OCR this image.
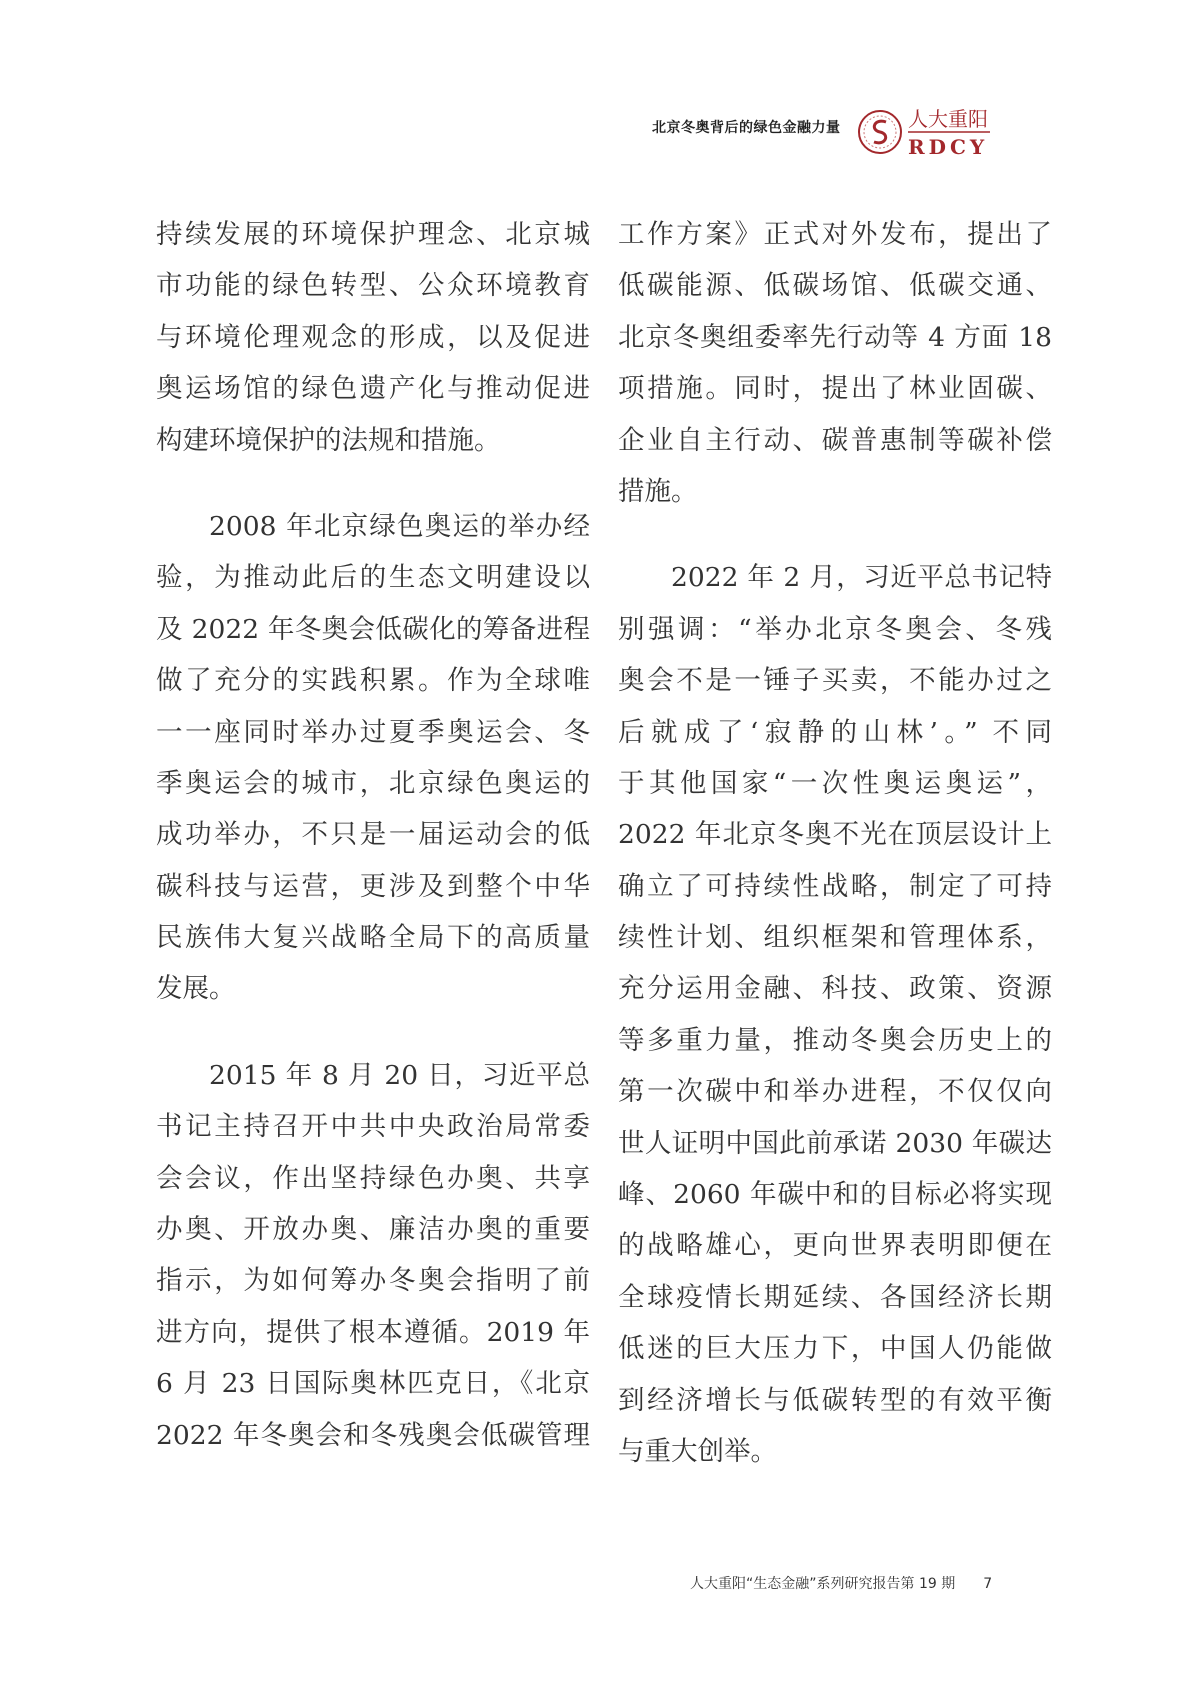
北京冬奥背后的绿色金融力量	人大重阳
RDCY
持续发展的环境保护理念、北京城
市功能的绿色转型、公众环境教育
与环境伦理观念的形成，以及促进
奥运场馆的绿色遗产化与推动促进
构建环境保护的法规和措施。
2008 年北京绿色奥运的举办经
验，为推动此后的生态文明建设以
及 2022 年冬奥会低碳化的筹备进程
做了充分的实践积累。作为全球唯
一一座同时举办过夏季奥运会、冬
季奥运会的城市，北京绿色奥运的
成功举办，不只是一届运动会的低
碳科技与运营，更涉及到整个中华
民族伟大复兴战略全局下的高质量
发展。
2015 年 8 月 20 日，习近平总
书记主持召开中共中央政治局常委
会会议，作出坚持绿色办奥、共享
办奥、开放办奥、廉洁办奥的重要
指示，为如何筹办冬奥会指明了前
进方向，提供了根本遵循。2019 年
6 月 23 日国际奥林匹克日，《北京
2022 年冬奥会和冬残奥会低碳管理
工作方案》正式对外发布，提出了
低碳能源、低碳场馆、低碳交通、
北京冬奥组委率先行动等 4 方面 18
项措施。同时，提出了林业固碳、
企业自主行动、碳普惠制等碳补偿
措施。
2022 年 2 月，习近平总书记特
别强调：“举办北京冬奥会、冬残
奥会不是一锤子买卖，不能办过之
后就成了‘寂静的山林’。” 不同
于其他国家“一次性奥运奥运”，
2022 年北京冬奥不光在顶层设计上
确立了可持续性战略，制定了可持
续性计划、组织框架和管理体系，
充分运用金融、科技、政策、资源
等多重力量，推动冬奥会历史上的
第一次碳中和举办进程，不仅仅向
世人证明中国此前承诺 2030 年碳达
峰、2060 年碳中和的目标必将实现
的战略雄心，更向世界表明即便在
全球疫情长期延续、各国经济长期
低迷的巨大压力下，中国人仍能做
到经济增长与低碳转型的有效平衡
与重大创举。
人大重阳“生态金融”系列研究报告第 19 期 7
